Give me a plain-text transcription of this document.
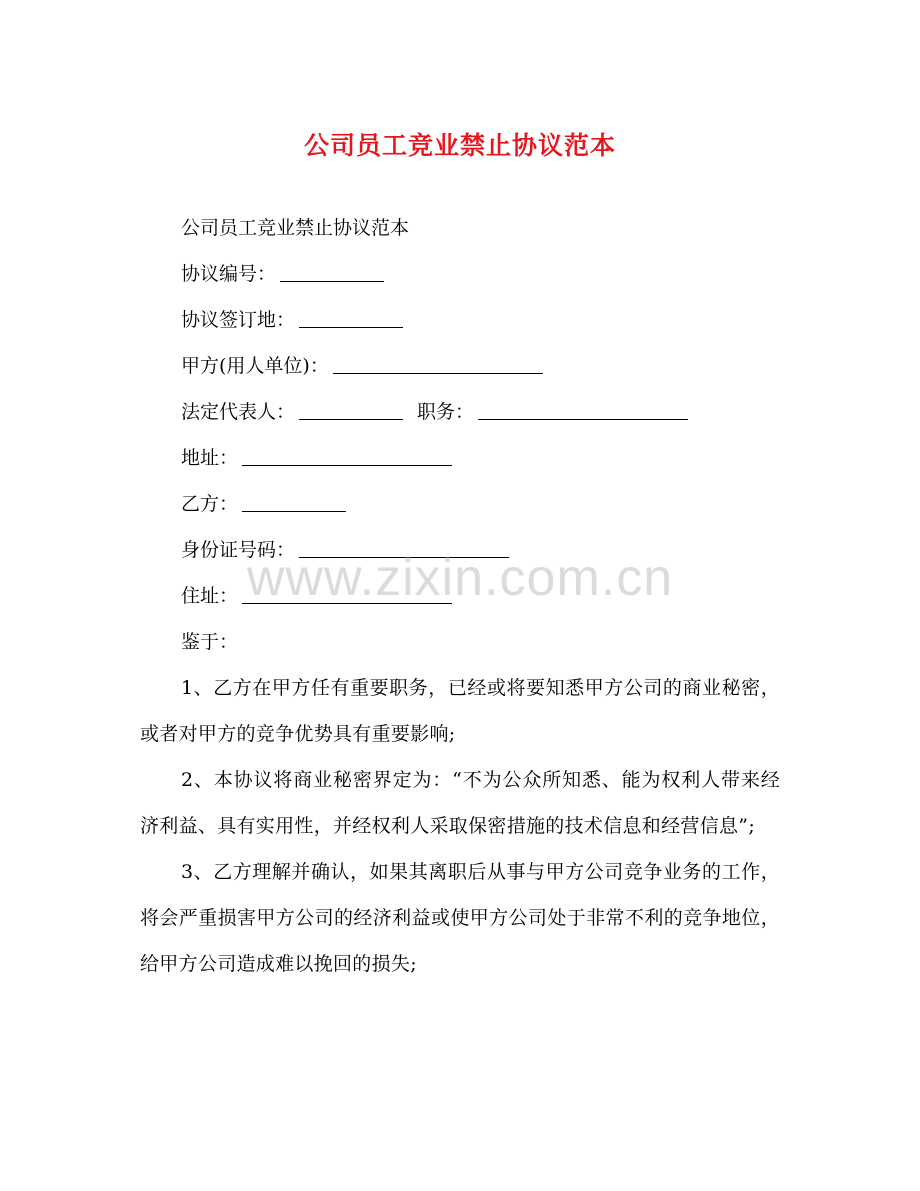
公司员工竞业禁止协议范本
公司员工竞业禁止协议范本
协议编号：
协议签订地：
甲方(用人单位)：
法定代表人：	职务：
地址：
乙方：
身份证号码：
住址：
鉴于：
1、乙方在甲方任有重要职务，已经或将要知悉甲方公司的商业秘密，或者对甲方的竞争优势具有重要影响;
2、本协议将商业秘密界定为：“不为公众所知悉、能为权利人带来经济利益、具有实用性，并经权利人采取保密措施的技术信息和经营信息”;
3、乙方理解并确认，如果其离职后从事与甲方公司竞争业务的工作，将会严重损害甲方公司的经济利益或使甲方公司处于非常不利的竞争地位，给甲方公司造成难以挽回的损失;
www.zixin.com.cn
